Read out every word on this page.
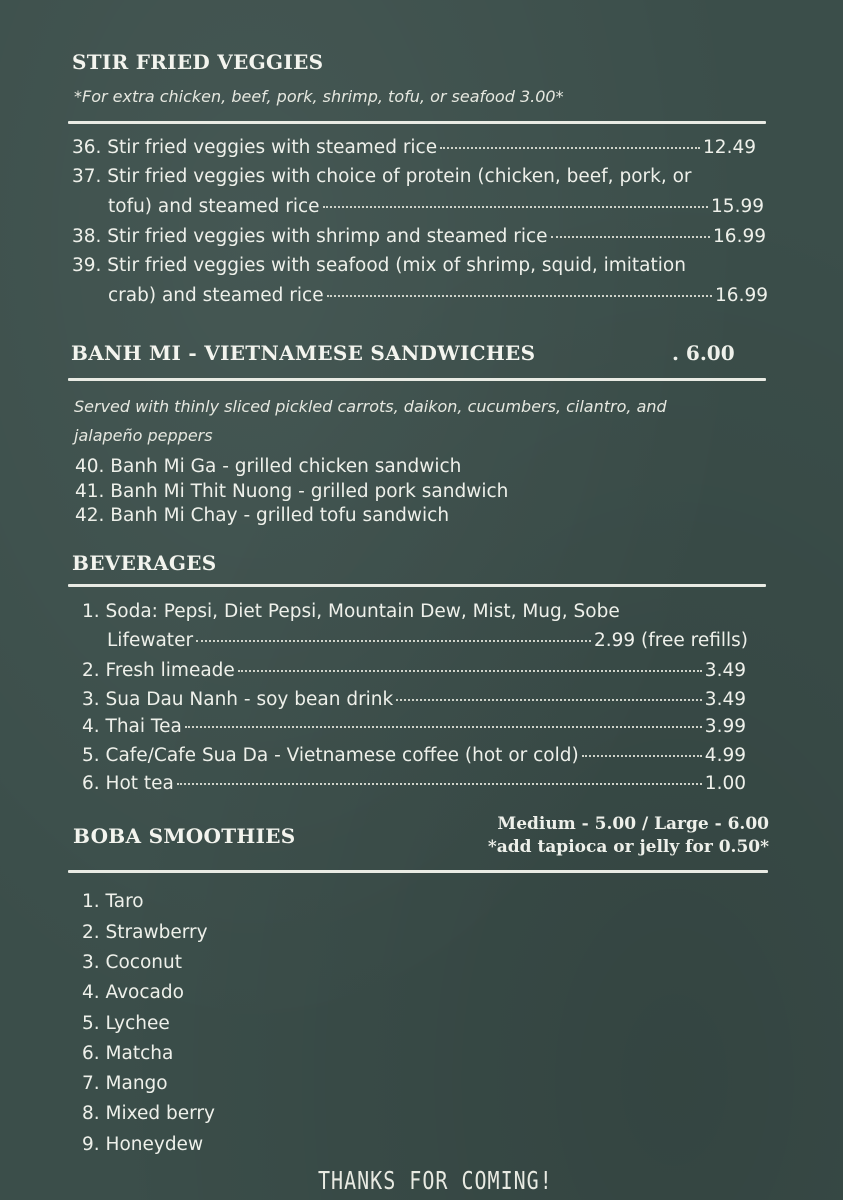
STIR FRIED VEGGIES
*For extra chicken, beef, pork, shrimp, tofu, or seafood 3.00*
36. Stir fried veggies with steamed rice	12.49
37. Stir fried veggies with choice of protein (chicken, beef, pork, or
tofu) and steamed rice	15.99
38. Stir fried veggies with shrimp and steamed rice	16.99
39. Stir fried veggies with seafood (mix of shrimp, squid, imitation
crab) and steamed rice	16.99
BANH MI - VIETNAMESE SANDWICHES	. 6.00
Served with thinly sliced pickled carrots, daikon, cucumbers, cilantro, and
jalapeño peppers
40. Banh Mi Ga - grilled chicken sandwich
41. Banh Mi Thit Nuong - grilled pork sandwich
42. Banh Mi Chay - grilled tofu sandwich
BEVERAGES
1. Soda: Pepsi, Diet Pepsi, Mountain Dew, Mist, Mug, Sobe
Lifewater	2.99 (free refills)
2. Fresh limeade	3.49
3. Sua Dau Nanh - soy bean drink	3.49
4. Thai Tea	3.99
5. Cafe/Cafe Sua Da - Vietnamese coffee (hot or cold)	4.99
6. Hot tea	1.00
BOBA SMOOTHIES	Medium - 5.00 / Large - 6.00
*add tapioca or jelly for 0.50*
1. Taro
2. Strawberry
3. Coconut
4. Avocado
5. Lychee
6. Matcha
7. Mango
8. Mixed berry
9. Honeydew
THANKS FOR COMING!
